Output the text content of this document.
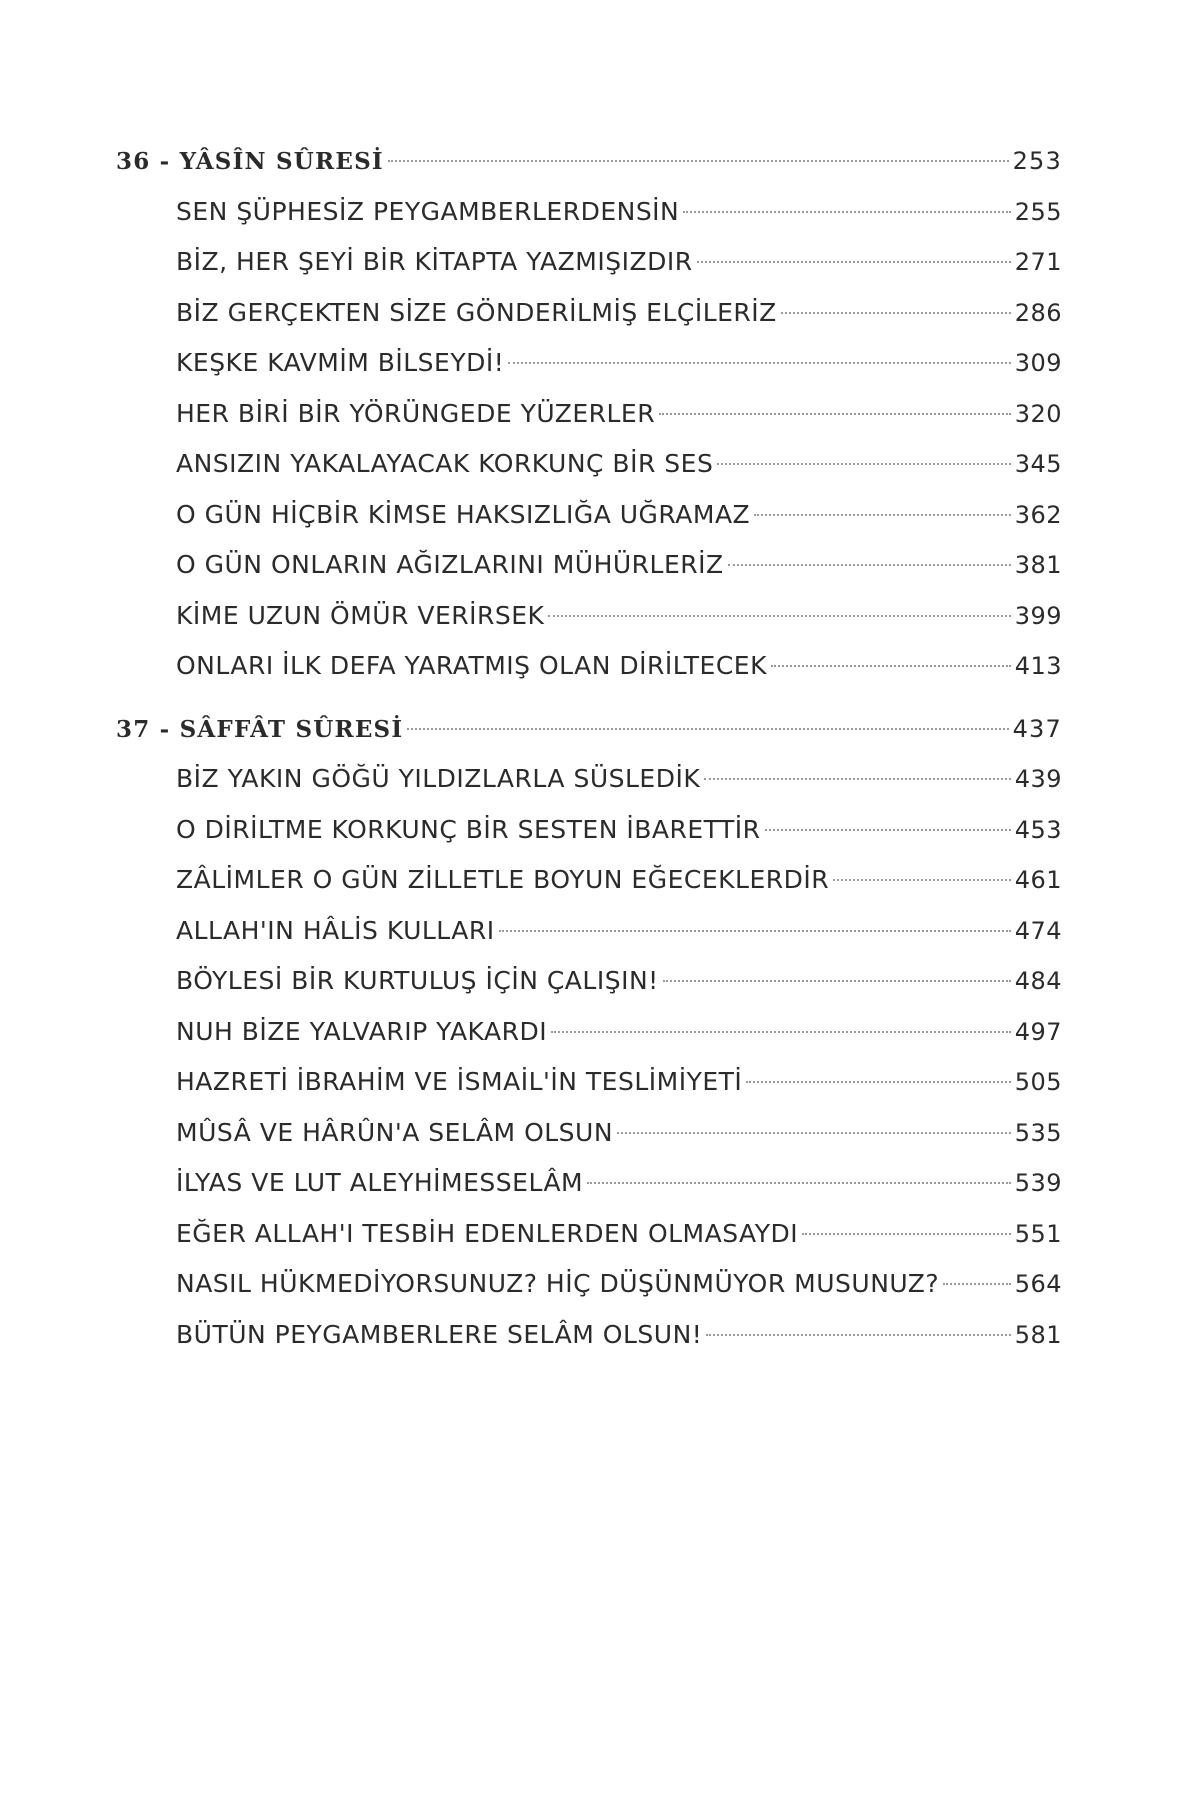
36 - YÂSÎN SÛRESİ	253
SEN ŞÜPHESİZ PEYGAMBERLERDENSİN	255
BİZ, HER ŞEYİ BİR KİTAPTA YAZMIŞIZDIR	271
BİZ GERÇEKTEN SİZE GÖNDERİLMİŞ ELÇİLERİZ	286
KEŞKE KAVMİM BİLSEYDİ!	309
HER BİRİ BİR YÖRÜNGEDE YÜZERLER	320
ANSIZIN YAKALAYACAK KORKUNÇ BİR SES	345
O GÜN HİÇBİR KİMSE HAKSIZLIĞA UĞRAMAZ	362
O GÜN ONLARIN AĞIZLARINI MÜHÜRLERİZ	381
KİME UZUN ÖMÜR VERİRSEK	399
ONLARI İLK DEFA YARATMIŞ OLAN DİRİLTECEK	413
37 - SÂFFÂT SÛRESİ	437
BİZ YAKIN GÖĞÜ YILDIZLARLA SÜSLEDİK	439
O DİRİLTME KORKUNÇ BİR SESTEN İBARETTİR	453
ZÂLİMLER O GÜN ZİLLETLE BOYUN EĞECEKLERDİR	461
ALLAH'IN HÂLİS KULLARI	474
BÖYLESİ BİR KURTULUŞ İÇİN ÇALIŞIN!	484
NUH BİZE YALVARIP YAKARDI	497
HAZRETİ İBRAHİM VE İSMAİL'İN TESLİMİYETİ	505
MÛSÂ VE HÂRÛN'A SELÂM OLSUN	535
İLYAS VE LUT ALEYHİMESSELÂM	539
EĞER ALLAH'I TESBİH EDENLERDEN OLMASAYDI	551
NASIL HÜKMEDİYORSUNUZ? HİÇ DÜŞÜNMÜYOR MUSUNUZ?	564
BÜTÜN PEYGAMBERLERE SELÂM OLSUN!	581
